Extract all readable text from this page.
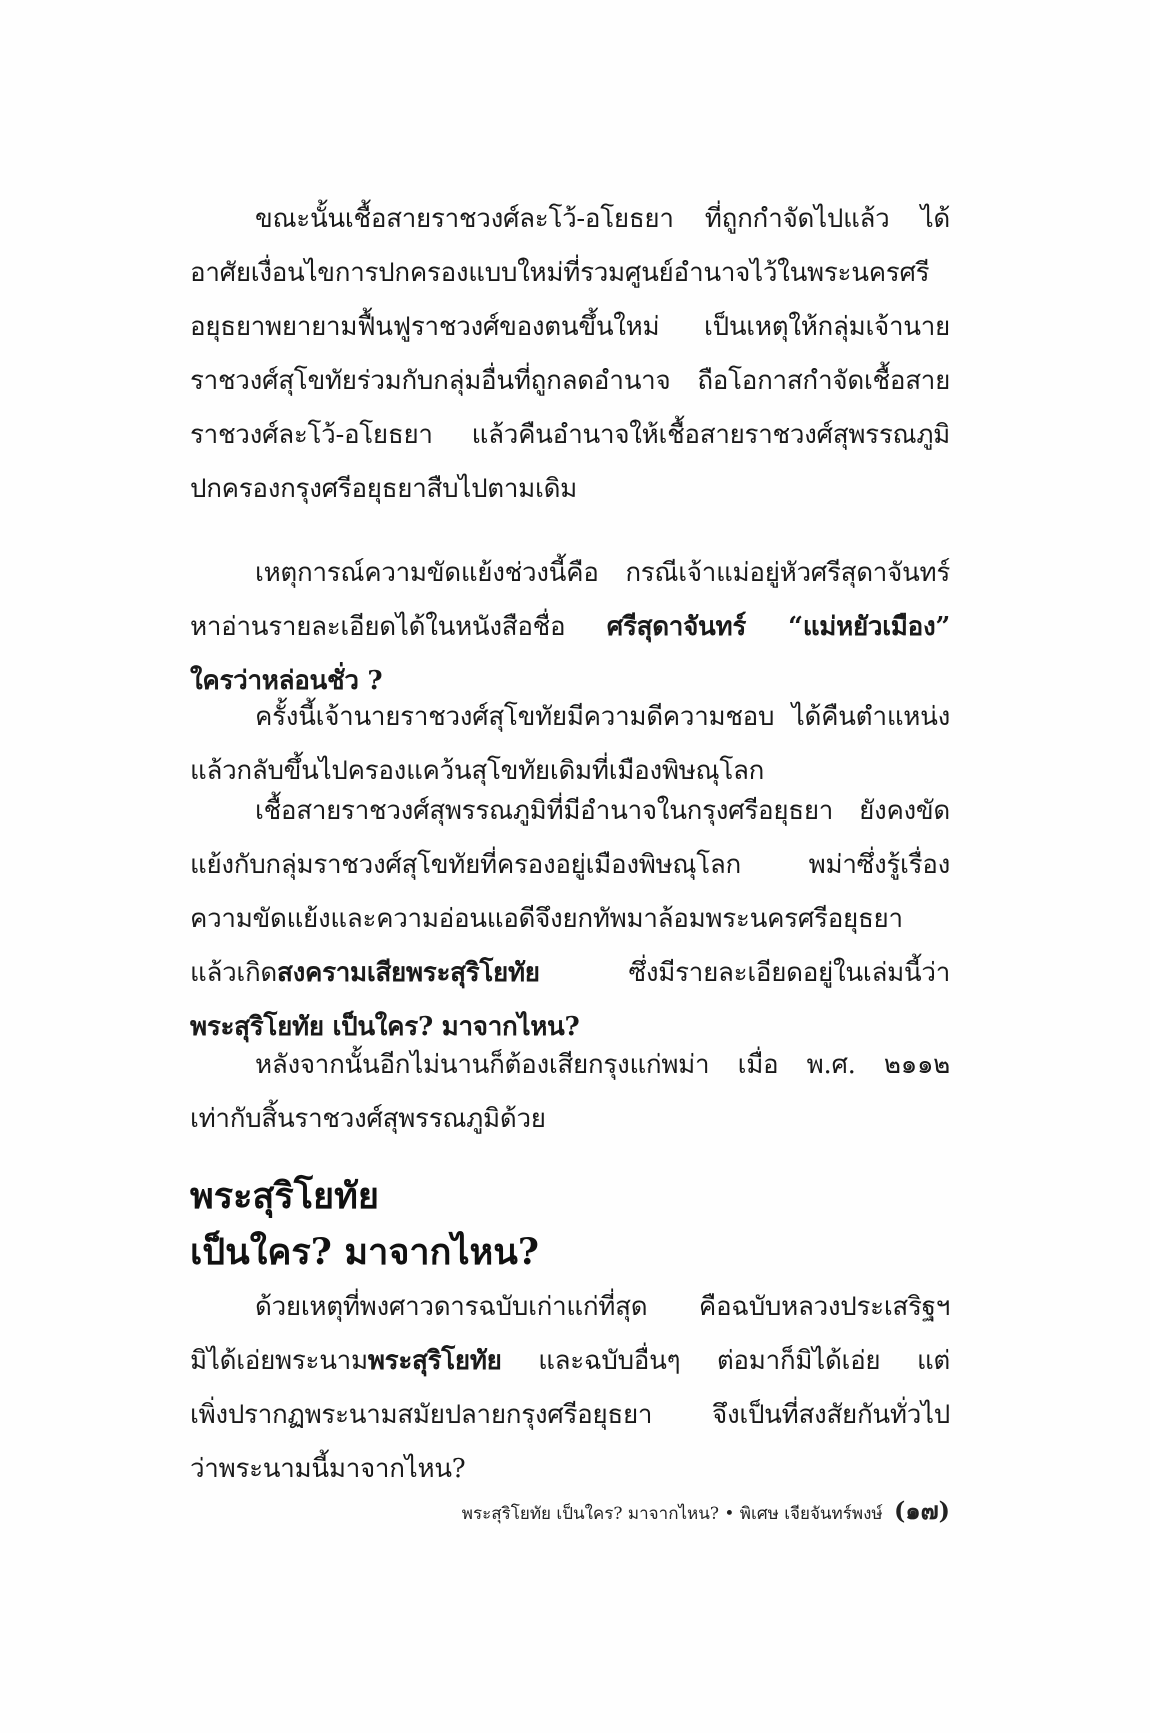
ขณะนั้นเชื้อสายราชวงศ์ละโว้-อโยธยา ที่ถูกกำจัดไปแล้ว ได้
อาศัยเงื่อนไขการปกครองแบบใหม่ที่รวมศูนย์อำนาจไว้ในพระนครศรี
อยุธยาพยายามฟื้นฟูราชวงศ์ของตนขึ้นใหม่ เป็นเหตุให้กลุ่มเจ้านาย
ราชวงศ์สุโขทัยร่วมกับกลุ่มอื่นที่ถูกลดอำนาจ ถือโอกาสกำจัดเชื้อสาย
ราชวงศ์ละโว้-อโยธยา แล้วคืนอำนาจให้เชื้อสายราชวงศ์สุพรรณภูมิ
ปกครองกรุงศรีอยุธยาสืบไปตามเดิม
เหตุการณ์ความขัดแย้งช่วงนี้คือ กรณีเจ้าแม่อยู่หัวศรีสุดาจันทร์
หาอ่านรายละเอียดได้ในหนังสือชื่อ ศรีสุดาจันทร์ “แม่หยัวเมือง”
ใครว่าหล่อนชั่ว ?
ครั้งนี้เจ้านายราชวงศ์สุโขทัยมีความดีความชอบ ได้คืนตำแหน่ง
แล้วกลับขึ้นไปครองแคว้นสุโขทัยเดิมที่เมืองพิษณุโลก
เชื้อสายราชวงศ์สุพรรณภูมิที่มีอำนาจในกรุงศรีอยุธยา ยังคงขัด
แย้งกับกลุ่มราชวงศ์สุโขทัยที่ครองอยู่เมืองพิษณุโลก พม่าซึ่งรู้เรื่อง
ความขัดแย้งและความอ่อนแอดีจึงยกทัพมาล้อมพระนครศรีอยุธยา
แล้วเกิดสงครามเสียพระสุริโยทัย	ซึ่งมีรายละเอียดอยู่ในเล่มนี้ว่า
พระสุริโยทัย เป็นใคร? มาจากไหน?
หลังจากนั้นอีกไม่นานก็ต้องเสียกรุงแก่พม่า เมื่อ พ.ศ. ๒๑๑๒
เท่ากับสิ้นราชวงศ์สุพรรณภูมิด้วย
พระสุริโยทัย
เป็นใคร? มาจากไหน?
ด้วยเหตุที่พงศาวดารฉบับเก่าแก่ที่สุด คือฉบับหลวงประเสริฐฯ
มิได้เอ่ยพระนามพระสุริโยทัย และฉบับอื่นๆ ต่อมาก็มิได้เอ่ย แต่
เพิ่งปรากฏพระนามสมัยปลายกรุงศรีอยุธยา จึงเป็นที่สงสัยกันทั่วไป
ว่าพระนามนี้มาจากไหน?
พระสุริโยทัย เป็นใคร? มาจากไหน? • พิเศษ เจียจันทร์พงษ์ (๑๗)
